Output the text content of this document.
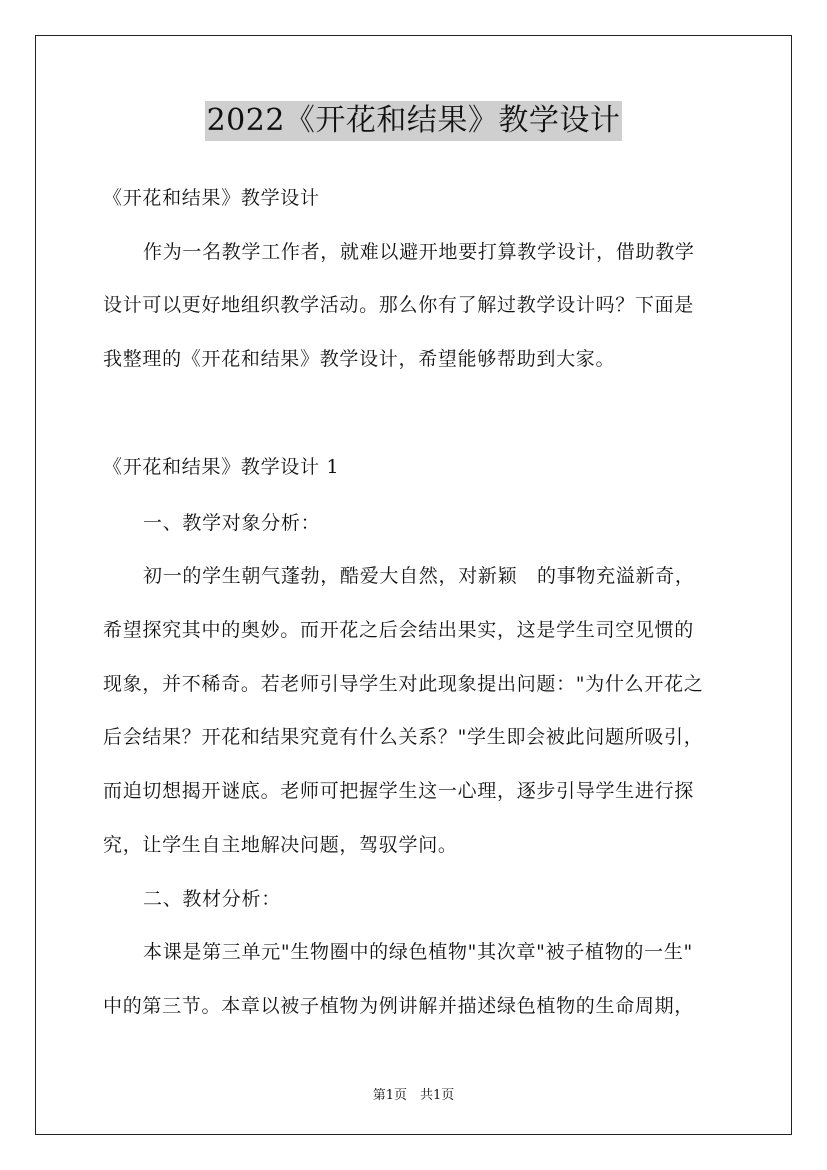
2022《开花和结果》教学设计
《开花和结果》教学设计
作为一名教学工作者，就难以避开地要打算教学设计，借助教学
设计可以更好地组织教学活动。那么你有了解过教学设计吗？下面是
我整理的《开花和结果》教学设计，希望能够帮助到大家。
《开花和结果》教学设计 1
一、教学对象分析：
初一的学生朝气蓬勃，酷爱大自然，对新颖　的事物充溢新奇，
希望探究其中的奥妙。而开花之后会结出果实，这是学生司空见惯的
现象，并不稀奇。若老师引导学生对此现象提出问题："为什么开花之
后会结果？开花和结果究竟有什么关系？"学生即会被此问题所吸引，
而迫切想揭开谜底。老师可把握学生这一心理，逐步引导学生进行探
究，让学生自主地解决问题，驾驭学问。
二、教材分析：
本课是第三单元"生物圈中的绿色植物"其次章"被子植物的一生"
中的第三节。本章以被子植物为例讲解并描述绿色植物的生命周期，
第1页　共1页
